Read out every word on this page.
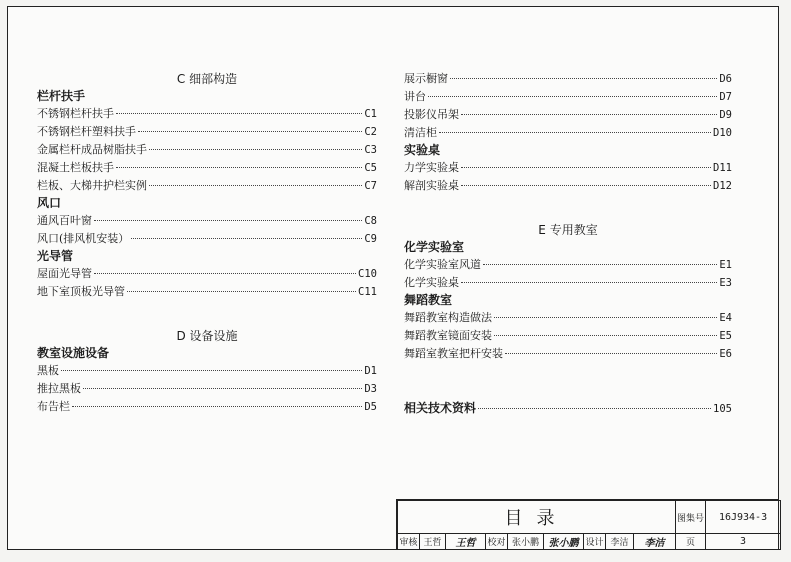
C 细部构造
栏杆扶手
不锈钢栏杆扶手	C1
不锈钢栏杆塑料扶手	C2
金属栏杆成品树脂扶手	C3
混凝土栏板扶手	C5
栏板、大梯井护栏实例	C7
风口
通风百叶窗	C8
风口(排风机安装）	C9
光导管
屋面光导管	C10
地下室顶板光导管	C11
D 设备设施
教室设施设备
黑板	D1
推拉黑板	D3
布告栏	D5
展示橱窗	D6
讲台	D7
投影仪吊架	D9
清洁柜	D10
实验桌
力学实验桌	D11
解剖实验桌	D12
E 专用教室
化学实验室
化学实验室风道	E1
化学实验桌	E3
舞蹈教室
舞蹈教室构造做法	E4
舞蹈教室镜面安装	E5
舞蹈室教室把杆安装	E6
相关技术资料	105
目录									图集号	16J934-3
审核	王哲	王哲	校对	张小鹏	张小鹏	设计	李洁	李洁	页	3
